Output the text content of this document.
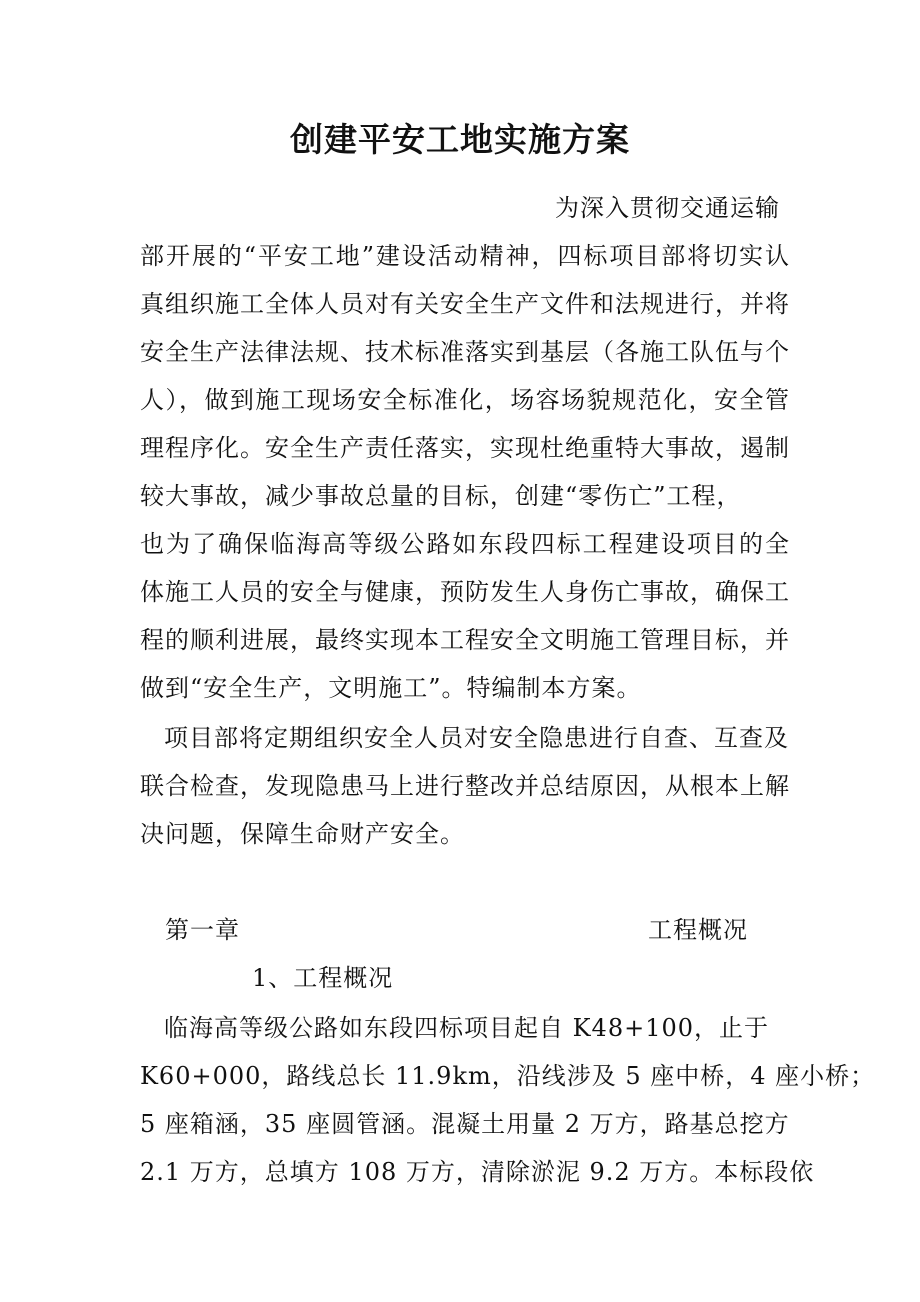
创建平安工地实施方案
为深入贯彻交通运输
部开展的“平安工地”建设活动精神，四标项目部将切实认
真组织施工全体人员对有关安全生产文件和法规进行，并将
安全生产法律法规、技术标准落实到基层（各施工队伍与个
人），做到施工现场安全标准化，场容场貌规范化，安全管
理程序化。安全生产责任落实，实现杜绝重特大事故，遏制
较大事故，减少事故总量的目标，创建“零伤亡”工程，
也为了确保临海高等级公路如东段四标工程建设项目的全
体施工人员的安全与健康，预防发生人身伤亡事故，确保工
程的顺利进展，最终实现本工程安全文明施工管理目标，并
做到“安全生产，文明施工”。特编制本方案。
项目部将定期组织安全人员对安全隐患进行自查、互查及
联合检查，发现隐患马上进行整改并总结原因，从根本上解
决问题，保障生命财产安全。
第一章	工程概况
1、工程概况
临海高等级公路如东段四标项目起自 K48+100，止于
K60+000，路线总长 11.9km，沿线涉及 5 座中桥，4 座小桥；
5 座箱涵，35 座圆管涵。混凝土用量 2 万方，路基总挖方
2.1 万方，总填方 108 万方，清除淤泥 9.2 万方。本标段依
